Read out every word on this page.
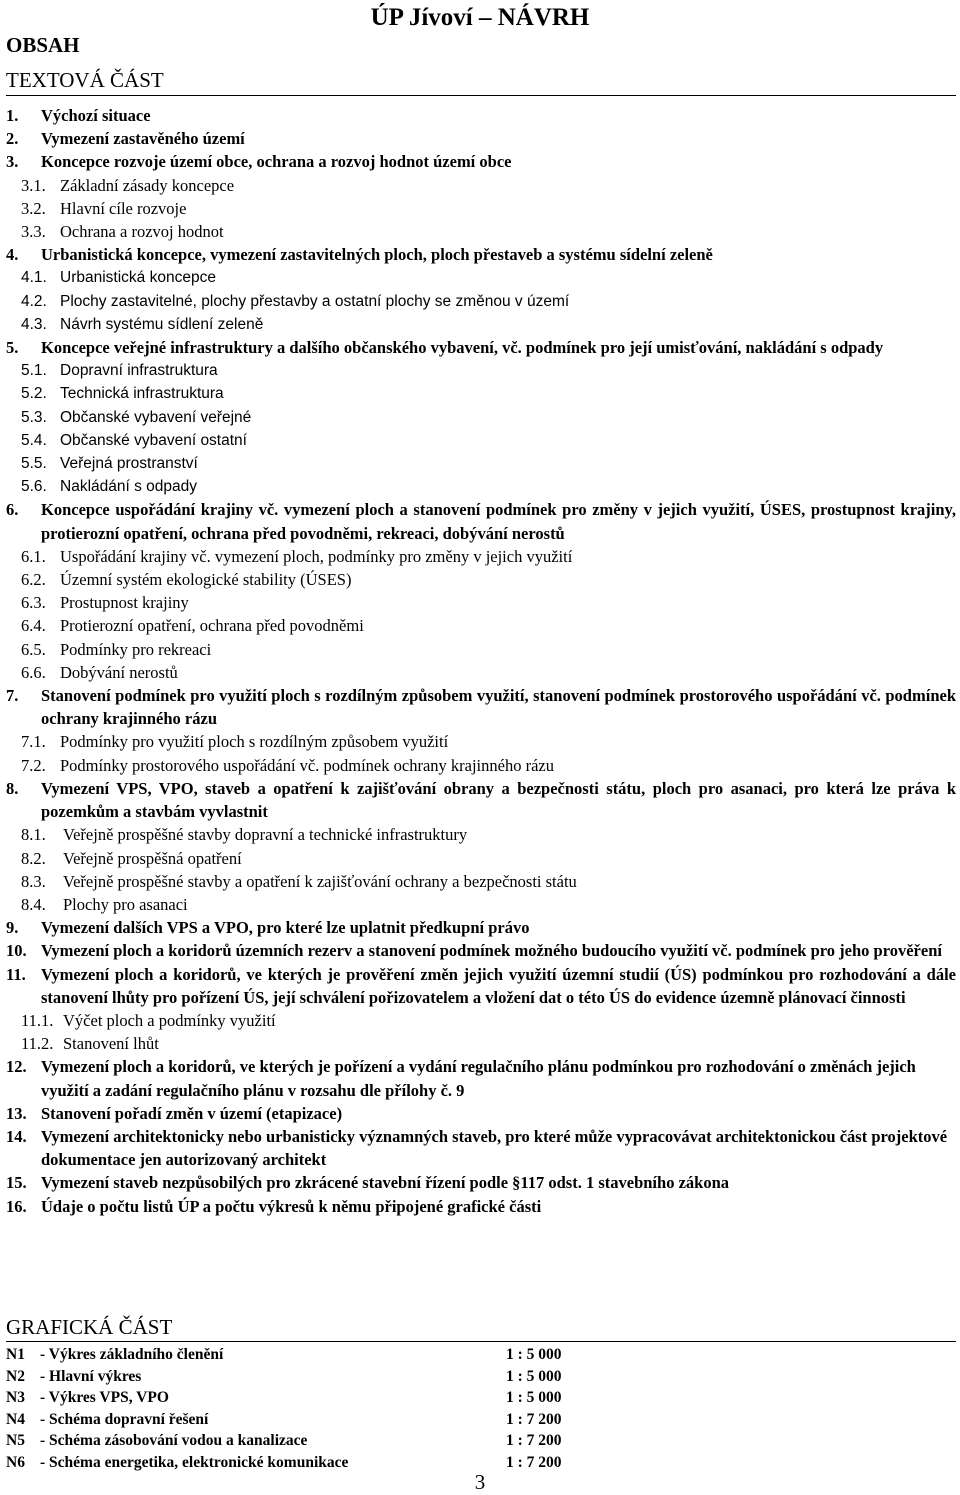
ÚP Jívoví – NÁVRH
OBSAH
TEXTOVÁ ČÁST
1.	Výchozí situace
2.	Vymezení zastavěného území
3.	Koncepce rozvoje území obce, ochrana a rozvoj hodnot území obce
3.1. Základní zásady koncepce
3.2. Hlavní cíle rozvoje
3.3. Ochrana a rozvoj hodnot
4.	Urbanistická koncepce, vymezení zastavitelných ploch, ploch přestaveb a systému sídelní zeleně
4.1. Urbanistická koncepce
4.2. Plochy zastavitelné, plochy přestavby a ostatní plochy se změnou v území
4.3. Návrh systému sídlení zeleně
5.	Koncepce veřejné infrastruktury a dalšího občanského vybavení, vč. podmínek pro její umisťování, nakládání s odpady
5.1. Dopravní infrastruktura
5.2. Technická infrastruktura
5.3. Občanské vybavení veřejné
5.4. Občanské vybavení ostatní
5.5. Veřejná prostranství
5.6. Nakládání s odpady
6.	Koncepce uspořádání krajiny vč. vymezení ploch a stanovení podmínek pro změny v jejich využití, ÚSES, prostupnost krajiny, protierozní opatření, ochrana před povodněmi, rekreaci, dobývání nerostů
6.1. Uspořádání krajiny vč. vymezení ploch, podmínky pro změny v jejich využití
6.2. Územní systém ekologické stability (ÚSES)
6.3. Prostupnost krajiny
6.4. Protierozní opatření, ochrana před povodněmi
6.5. Podmínky pro rekreaci
6.6. Dobývání nerostů
7.	Stanovení podmínek pro využití ploch s rozdílným způsobem využití, stanovení podmínek prostorového uspořádání vč. podmínek ochrany krajinného rázu
7.1. Podmínky pro využití ploch s rozdílným způsobem využití
7.2. Podmínky prostorového uspořádání vč. podmínek ochrany krajinného rázu
8.	Vymezení VPS, VPO, staveb a opatření k zajišťování obrany a bezpečnosti státu, ploch pro asanaci, pro která lze práva k pozemkům a stavbám vyvlastnit
8.1.	Veřejně prospěšné stavby dopravní a technické infrastruktury
8.2.	Veřejně prospěšná opatření
8.3.	Veřejně prospěšné stavby a opatření k zajišťování ochrany a bezpečnosti státu
8.4.	Plochy pro asanaci
9.	Vymezení dalších VPS a VPO, pro které lze uplatnit předkupní právo
10. Vymezení ploch a koridorů územních rezerv a stanovení podmínek možného budoucího využití vč. podmínek pro jeho prověření
11. Vymezení ploch a koridorů, ve kterých je prověření změn jejich využití územní studií (ÚS) podmínkou pro rozhodování a dále stanovení lhůty pro pořízení ÚS, její schválení pořizovatelem a vložení dat o této ÚS do evidence územně plánovací činnosti
11.1. Výčet ploch a podmínky využití
11.2. Stanovení lhůt
12. Vymezení ploch a koridorů, ve kterých je pořízení a vydání regulačního plánu podmínkou pro rozhodování o změnách jejich využití a zadání regulačního plánu v rozsahu dle přílohy č. 9
13. Stanovení pořadí změn v území (etapizace)
14. Vymezení architektonicky nebo urbanisticky významných staveb, pro které může vypracovávat architektonickou část projektové dokumentace jen autorizovaný architekt
15. Vymezení staveb nezpůsobilých pro zkrácené stavební řízení podle §117 odst. 1 stavebního zákona
16. Údaje o počtu listů ÚP a počtu výkresů k němu připojené grafické části
GRAFICKÁ ČÁST
N1 - Výkres základního členění	1 : 5 000
N2 - Hlavní výkres	1 : 5 000
N3 - Výkres VPS, VPO	1 : 5 000
N4 - Schéma dopravní řešení	1 : 7 200
N5 - Schéma zásobování vodou a kanalizace	1 : 7 200
N6 - Schéma energetika, elektronické komunikace	1 : 7 200
3
